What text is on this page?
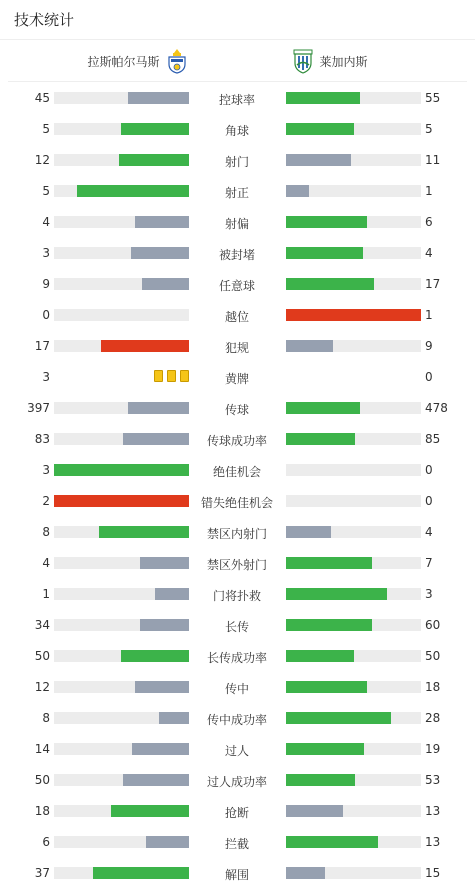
技术统计
拉斯帕尔马斯	莱加内斯
45	控球率	55
5	角球	5
12	射门	11
5	射正	1
4	射偏	6
3	被封堵	4
9	任意球	17
0	越位	1
17	犯规	9
3	黄牌	0
397	传球	478
83	传球成功率	85
3	绝佳机会	0
2	错失绝佳机会	0
8	禁区内射门	4
4	禁区外射门	7
1	门将扑救	3
34	长传	60
50	长传成功率	50
12	传中	18
8	传中成功率	28
14	过人	19
50	过人成功率	53
18	抢断	13
6	拦截	13
37	解围	15
